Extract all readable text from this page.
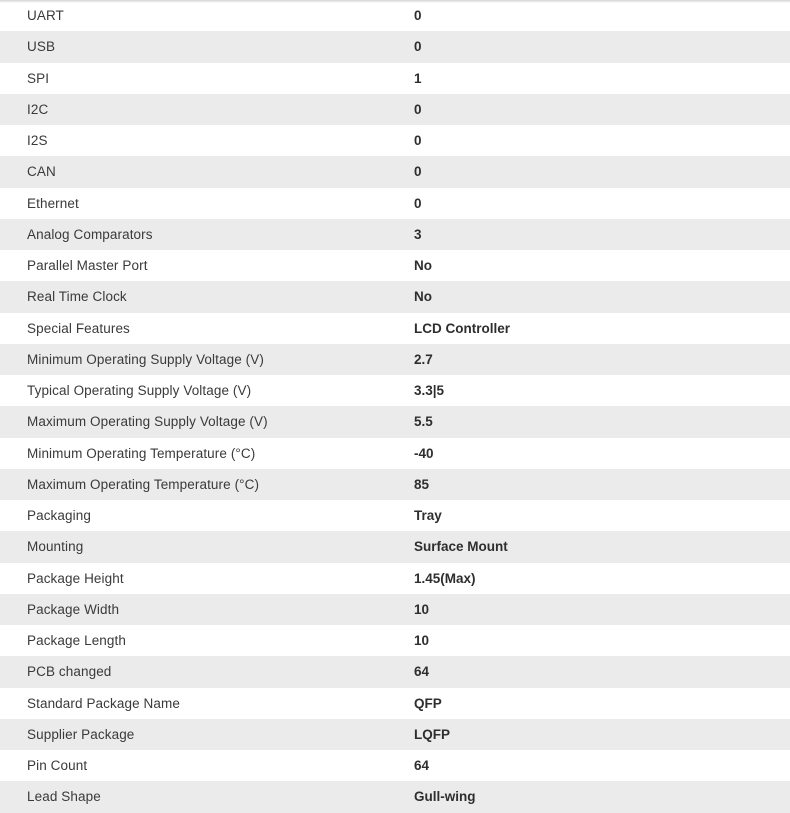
UART	0
USB	0
SPI	1
I2C	0
I2S	0
CAN	0
Ethernet	0
Analog Comparators	3
Parallel Master Port	No
Real Time Clock	No
Special Features	LCD Controller
Minimum Operating Supply Voltage (V)	2.7
Typical Operating Supply Voltage (V)	3.3|5
Maximum Operating Supply Voltage (V)	5.5
Minimum Operating Temperature (°C)	-40
Maximum Operating Temperature (°C)	85
Packaging	Tray
Mounting	Surface Mount
Package Height	1.45(Max)
Package Width	10
Package Length	10
PCB changed	64
Standard Package Name	QFP
Supplier Package	LQFP
Pin Count	64
Lead Shape	Gull-wing
